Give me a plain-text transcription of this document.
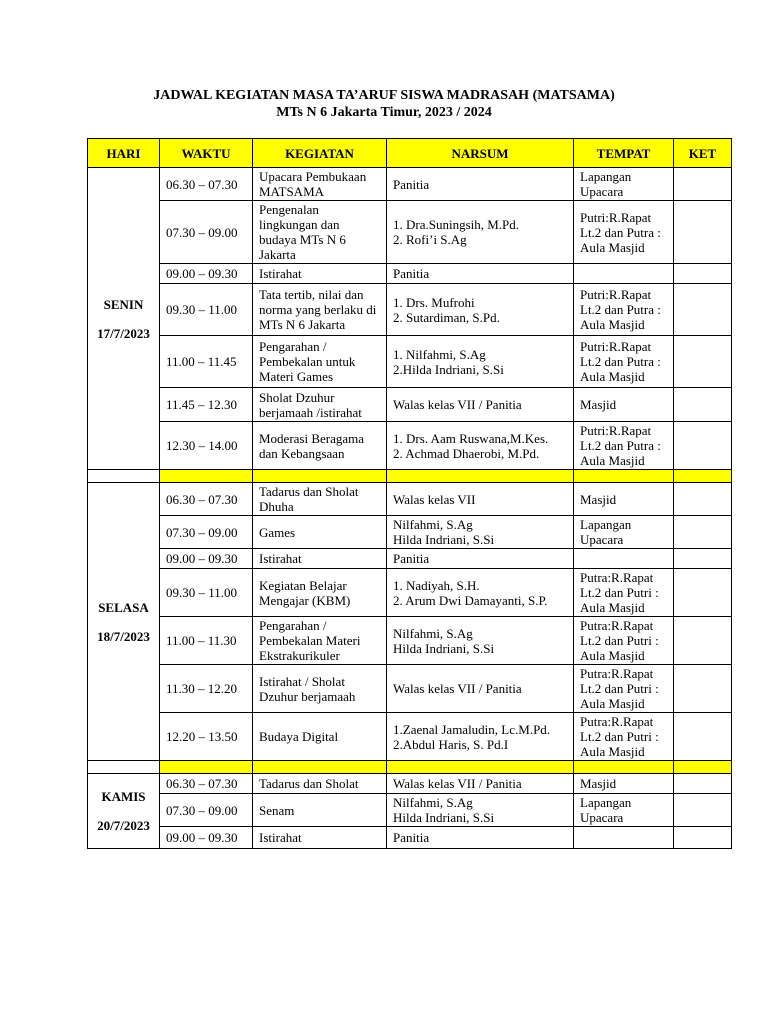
JADWAL KEGIATAN MASA TA’ARUF SISWA MADRASAH (MATSAMA)
MTs N 6 Jakarta Timur, 2023 / 2024
HARI	WAKTU	KEGIATAN	NARSUM	TEMPAT	KET

SENIN
17/7/2023	06.30 – 07.30	Upacara Pembukaan MATSAMA	Panitia	Lapangan Upacara	
	07.30 – 09.00	Pengenalan lingkungan dan budaya MTs N 6 Jakarta	1. Dra.Suningsih, M.Pd.
2. Rofi’i S.Ag	Putri:R.Rapat Lt.2 dan Putra : Aula Masjid	
	09.00 – 09.30	Istirahat	Panitia		

	09.30 – 11.00	Tata tertib, nilai dan norma yang berlaku di MTs N 6 Jakarta	1. Drs. Mufrohi
2. Sutardiman, S.Pd.	Putri:R.Rapat Lt.2 dan Putra : Aula Masjid	
	11.00 – 11.45	Pengarahan / Pembekalan untuk Materi Games	1. Nilfahmi, S.Ag
2.Hilda Indriani, S.Si	Putri:R.Rapat Lt.2 dan Putra : Aula Masjid	
	11.45 – 12.30	Sholat Dzuhur berjamaah /istirahat	Walas kelas VII / Panitia	Masjid	
	12.30 – 14.00	Moderasi Beragama dan Kebangsaan	1. Drs. Aam Ruswana,M.Kes.
2. Achmad Dhaerobi, M.Pd.	Putri:R.Rapat Lt.2 dan Putra : Aula Masjid	

SELASA
18/7/2023	06.30 – 07.30	Tadarus dan Sholat Dhuha	Walas kelas VII	Masjid	
	07.30 – 09.00	Games	Nilfahmi, S.Ag
Hilda Indriani, S.Si	Lapangan Upacara	
	09.00 – 09.30	Istirahat	Panitia		

	09.30 – 11.00	Kegiatan Belajar Mengajar (KBM)	1. Nadiyah, S.H.
2. Arum Dwi Damayanti, S.P.	Putra:R.Rapat Lt.2 dan Putri : Aula Masjid	
	11.00 – 11.30	Pengarahan / Pembekalan Materi Ekstrakurikuler	Nilfahmi, S.Ag
Hilda Indriani, S.Si	Putra:R.Rapat Lt.2 dan Putri : Aula Masjid	
	11.30 – 12.20	Istirahat / Sholat Dzuhur berjamaah	Walas kelas VII / Panitia	Putra:R.Rapat Lt.2 dan Putri : Aula Masjid	
	12.20 – 13.50	Budaya Digital	1.Zaenal Jamaludin, Lc.M.Pd.
2.Abdul Haris, S. Pd.I	Putra:R.Rapat Lt.2 dan Putri : Aula Masjid	

KAMIS
20/7/2023	06.30 – 07.30	Tadarus dan Sholat	Walas kelas VII / Panitia	Masjid	
	07.30 – 09.00	Senam	Nilfahmi, S.Ag
Hilda Indriani, S.Si	Lapangan Upacara	
	09.00 – 09.30	Istirahat	Panitia		
